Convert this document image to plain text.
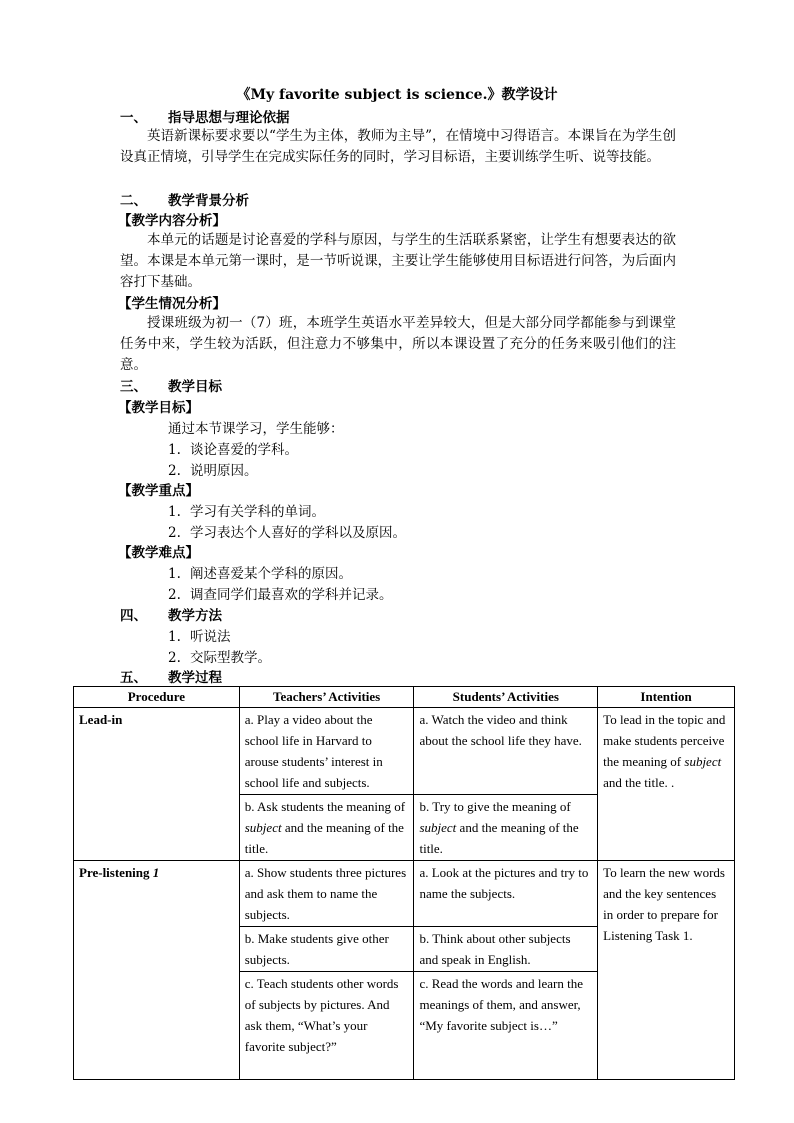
《My favorite subject is science.》教学设计
一、 指导思想与理论依据
英语新课标要求要以“学生为主体，教师为主导”，在情境中习得语言。本课旨在为学生创设真正情境，引导学生在完成实际任务的同时，学习目标语，主要训练学生听、说等技能。
二、 教学背景分析
【教学内容分析】
本单元的话题是讨论喜爱的学科与原因，与学生的生活联系紧密，让学生有想要表达的欲望。本课是本单元第一课时，是一节听说课，主要让学生能够使用目标语进行问答，为后面内容打下基础。
【学生情况分析】
授课班级为初一（7）班，本班学生英语水平差异较大，但是大部分同学都能参与到课堂任务中来，学生较为活跃，但注意力不够集中，所以本课设置了充分的任务来吸引他们的注意。
三、 教学目标
【教学目标】
通过本节课学习，学生能够：
1. 谈论喜爱的学科。
2. 说明原因。
【教学重点】
1. 学习有关学科的单词。
2. 学习表达个人喜好的学科以及原因。
【教学难点】
1. 阐述喜爱某个学科的原因。
2. 调查同学们最喜欢的学科并记录。
四、 教学方法
1. 听说法
2. 交际型教学。
五、 教学过程
Procedure	Teachers’ Activities	Students’ Activities	Intention
Lead-in	a. Play a video about the school life in Harvard to arouse students’ interest in school life and subjects.	a. Watch the video and think about the school life they have.	To lead in the topic and make students perceive the meaning of subject and the title. .
	b. Ask students the meaning of subject and the meaning of the title.	b. Try to give the meaning of subject and the meaning of the title.	
Pre-listening 1	a. Show students three pictures and ask them to name the subjects.	a. Look at the pictures and try to name the subjects.	To learn the new words and the key sentences in order to prepare for Listening Task 1.
	b. Make students give other subjects.	b. Think about other subjects and speak in English.	
	c. Teach students other words of subjects by pictures. And ask them, “What’s your favorite subject?”	c. Read the words and learn the meanings of them, and answer, “My favorite subject is…”	
